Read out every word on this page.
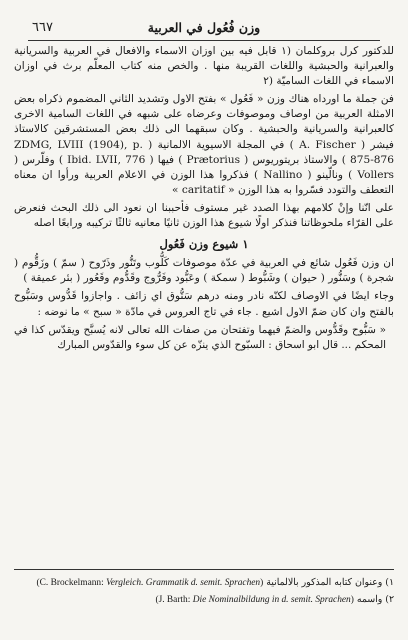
٦٦٧	وزن فُعُول في العربية

للدكتور كرل بروكلمان (١ قابل فيه بين اوزان الاسماء والافعال في العربية والسريانية والعبرانية والحبشية واللغات القريبة منها . والخص منه كتاب المعلّم برث في اوزان الاسماء في اللغات الساميّة (٢

فن جملة ما اورداه هناك وزن « فَعُول » بفتح الاول وتشديد الثاني المضموم ذكراه بعض الامثلة العربية من اوصاف وموصوفات وعرضاه على شبهه في اللغات السامية الاخرى كالعبرانية والسريانية والحبشية . وكان سبقهما الى ذلك بعض المستشرقين كالاستاذ فيشر ( A. Fischer ) في المجلة الاسيوية الالمانية ( ZDMG, LVIII (1904), p. 875-876 ) والاستاذ بريتوريوس ( Prætorius ) فيها ( Ibid. LVII, 776 ) وفلّرس ( Vollers ) ونالّينو ( Nallino ) فذكروا هذا الوزن في الاعلام العربية ورأوا ان معناه التعطف والتودد فسّروا به هذا الوزن « caritatif »

على انّنا وإنْ كلامهم بهذا الصدد غير مستوف فأحببنا ان نعود الى ذلك البحث فنعرض على القرّاء ملحوظاتنا فنذكر اولًا شيوع هذا الوزن ثانيًا معانيه ثالثًا تركيبه ورابعًا اصله

١ شيوع وزن فَعُول

ان وزن فَعُول شائع في العربية في عدّة موصوفات كَلُّوب وتَنُّور وذَرّوح ( سمّ ) وزَقُّوم ( شجرة ) وسَنُّور ( حيوان ) وشَبُّوط ( سمكة ) وعَبُّود وفَرُّوج وقَدُّوم وقَعُور ( بئر عميقة )

وجاء ايضًا في الاوصاف لكنّه نادر ومنه درهم سَتُّوق اي زائف . واجازوا قَدُّوس وسَبُّوح بالفتح وان كان ضمّ الاول اشيع . جاء في تاج العروس في مادّة « سبح » ما نوضه :

« سَبُّوح وقَدُّوس والضمّ فيهما وتفتحان من صفات الله تعالى لانه يُسبَّح ويقدّس كذا في المحكم ... قال ابو اسحاق : السبّوح الذي ينزّه عن كل سوء والقدّوس المبارك

١) وعنوان كتابه المذكور بالالمانية (C. Brockelmann: Vergleich. Grammatik d. semit. Sprachen)
٢) واسمه (J. Barth: Die Nominalbildung in d. semit. Sprachen)
